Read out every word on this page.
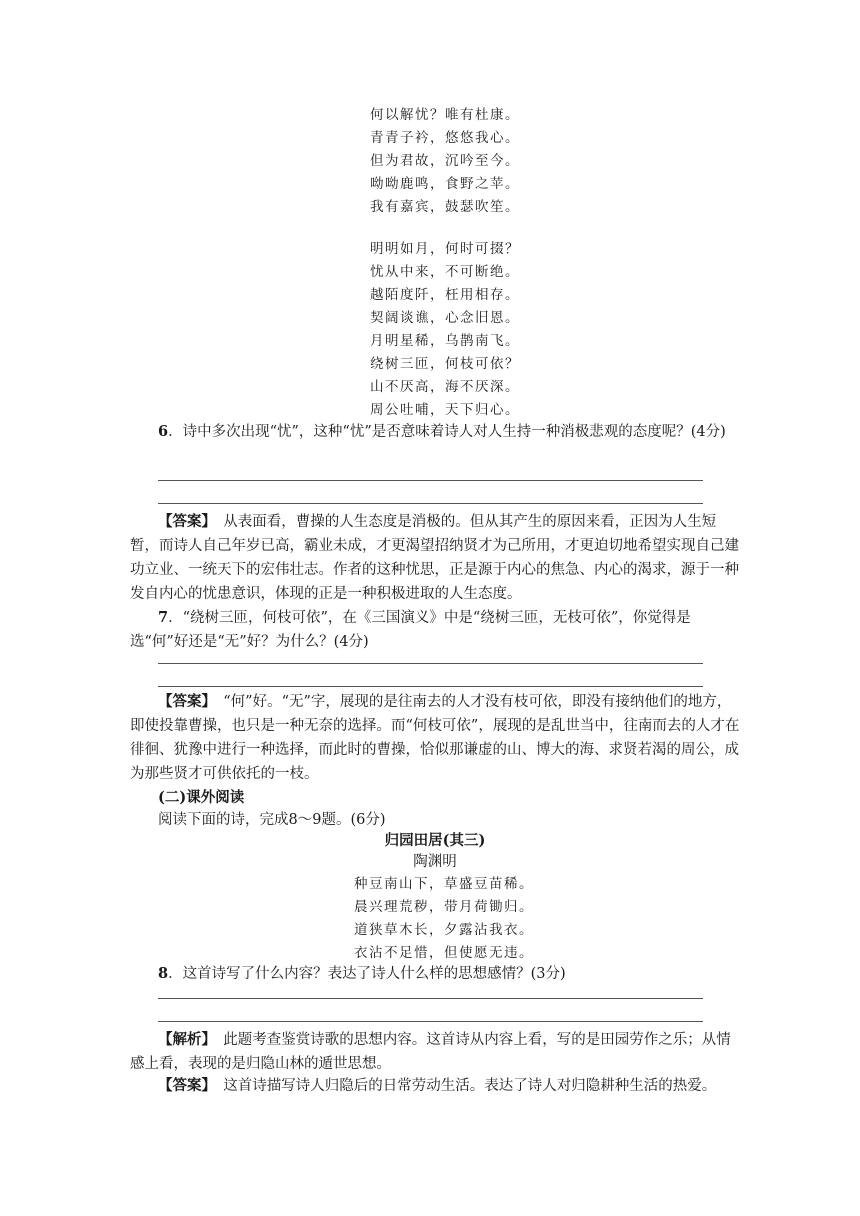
何以解忧？唯有杜康。
青青子衿，悠悠我心。
但为君故，沉吟至今。
呦呦鹿鸣，食野之苹。
我有嘉宾，鼓瑟吹笙。
明明如月，何时可掇？
忧从中来，不可断绝。
越陌度阡，枉用相存。
契阔谈谯，心念旧恩。
月明星稀，乌鹊南飞。
绕树三匝，何枝可依？
山不厌高，海不厌深。
周公吐哺，天下归心。
6．诗中多次出现“忧”，这种“忧”是否意味着诗人对人生持一种消极悲观的态度呢？(4分)
【答案】　从表面看，曹操的人生态度是消极的。但从其产生的原因来看，正因为人生短暂，而诗人自己年岁已高，霸业未成，才更渴望招纳贤才为己所用，才更迫切地希望实现自己建功立业、一统天下的宏伟壮志。作者的这种忧思，正是源于内心的焦急、内心的渴求，源于一种发自内心的忧患意识，体现的正是一种积极进取的人生态度。
7．“绕树三匝，何枝可依”，在《三国演义》中是“绕树三匝，无枝可依”，你觉得是选“何”好还是“无”好？为什么？(4分)
【答案】　“何”好。“无”字，展现的是往南去的人才没有枝可依，即没有接纳他们的地方，即使投靠曹操，也只是一种无奈的选择。而“何枝可依”，展现的是乱世当中，往南而去的人才在徘徊、犹豫中进行一种选择，而此时的曹操，恰似那谦虚的山、博大的海、求贤若渴的周公，成为那些贤才可供依托的一枝。
(二)课外阅读
阅读下面的诗，完成8～9题。(6分)
归园田居(其三)
陶渊明
种豆南山下，草盛豆苗稀。
晨兴理荒秽，带月荷锄归。
道狭草木长，夕露沾我衣。
衣沾不足惜，但使愿无违。
8．这首诗写了什么内容？表达了诗人什么样的思想感情？(3分)
【解析】　此题考查鉴赏诗歌的思想内容。这首诗从内容上看，写的是田园劳作之乐；从情感上看，表现的是归隐山林的遁世思想。
【答案】　这首诗描写诗人归隐后的日常劳动生活。表达了诗人对归隐耕种生活的热爱。
